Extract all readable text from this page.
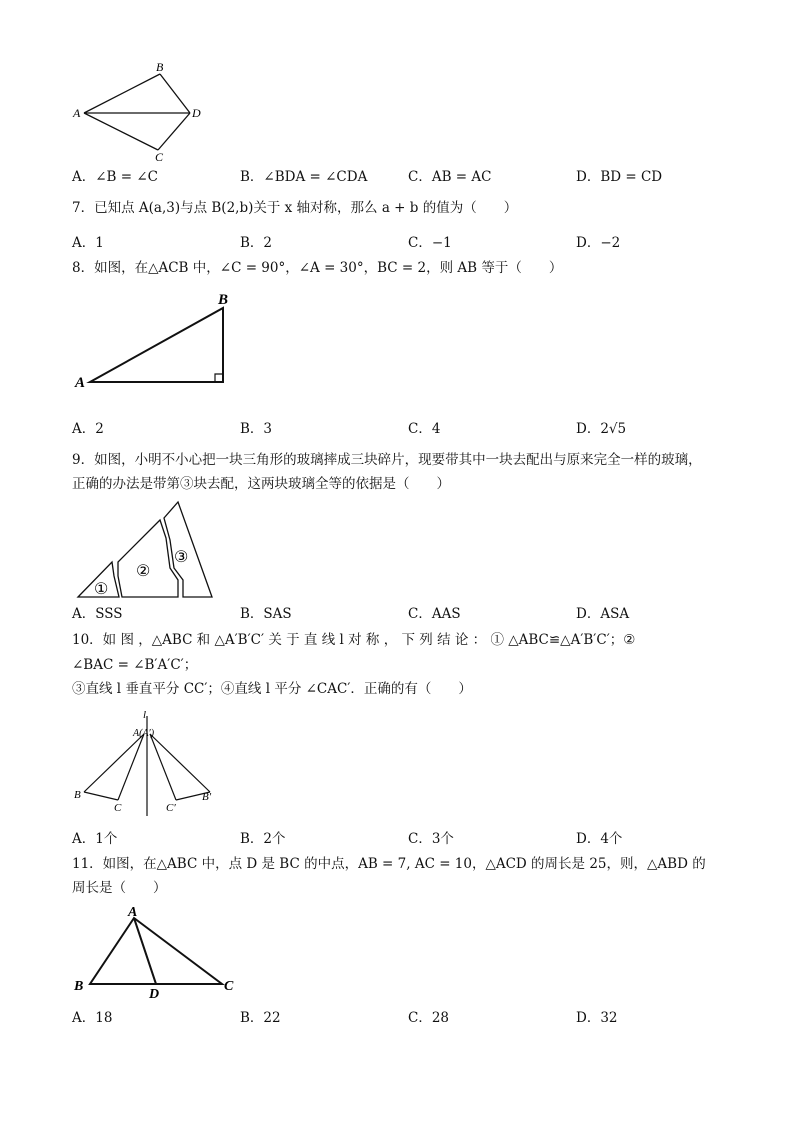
A
B
C
D
A．∠B = ∠C	B．∠BDA = ∠CDA	C．AB = AC	D．BD = CD
7．已知点 A(a,3)与点 B(2,b)关于 x 轴对称，那么 a + b 的值为（　　）
A．1	B．2	C．−1	D．−2
8．如图，在△ACB 中，∠C = 90°，∠A = 30°，BC = 2，则 AB 等于（　　）
A
B
A．2	B．3	C．4	D．2√5
9．如图，小明不小心把一块三角形的玻璃摔成三块碎片，现要带其中一块去配出与原来完全一样的玻璃，
正确的办法是带第③块去配，这两块玻璃全等的依据是（　　）
①
②
③
A．SSS	B．SAS	C．AAS	D．ASA
10．如 图 ，△ABC 和 △A′B′C′ 关 于 直 线 l 对 称 ， 下 列 结 论 ： ① △ABC≌△A′B′C′；②
∠BAC = ∠B′A′C′；
③直线 l 垂直平分 CC′；④直线 l 平分 ∠CAC′．正确的有（　　）
l
A(A′)
B
C	C′
B′
A．1个	B．2个	C．3个	D．4个
11．如图，在△ABC 中，点 D 是 BC 的中点，AB = 7, AC = 10，△ACD 的周长是 25，则，△ABD 的
周长是（　　）
A
B
D
C
A．18	B．22	C．28	D．32
